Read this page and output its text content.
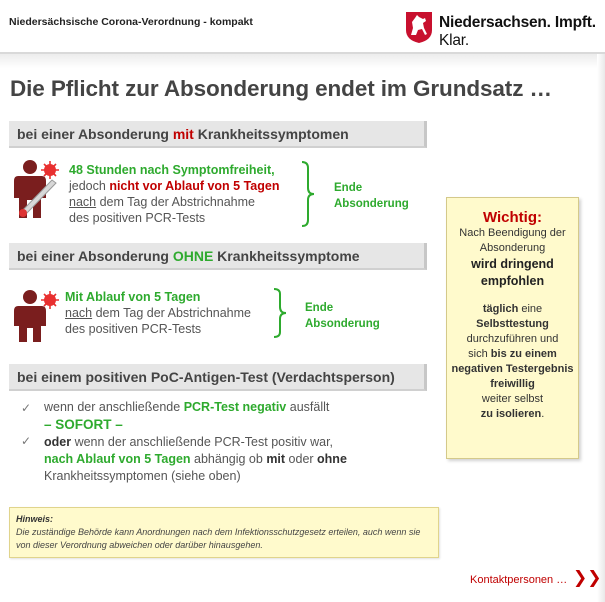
Niedersächsische Corona-Verordnung - kompakt	Niedersachsen. Impft. Klar.
Die Pflicht zur Absonderung endet im Grundsatz …
bei einer Absonderung mit Krankheitssymptomen
48 Stunden nach Symptomfreiheit,
jedoch nicht vor Ablauf von 5 Tagen
nach dem Tag der Abstrichnahme
des positiven PCR-Tests
Ende
Absonderung
bei einer Absonderung OHNE Krankheitssymptome
Mit Ablauf von 5 Tagen
nach dem Tag der Abstrichnahme
des positiven PCR-Tests
Ende
Absonderung
bei einem positiven PoC-Antigen-Test (Verdachtsperson)
✓ wenn der anschließende PCR-Test negativ ausfällt
– SOFORT –
✓ oder wenn der anschließende PCR-Test positiv war,
nach Ablauf von 5 Tagen abhängig ob mit oder ohne
Krankheitssymptomen (siehe oben)
Wichtig:
Nach Beendigung der
Absonderung
wird dringend
empfohlen
täglich eine
Selbsttestung
durchzuführen und
sich bis zu einem
negativen Testergebnis
freiwillig
weiter selbst
zu isolieren.
Hinweis:
Die zuständige Behörde kann Anordnungen nach dem Infektionsschutzgesetz erteilen, auch wenn sie von dieser Verordnung abweichen oder darüber hinausgehen.
Kontaktpersonen … ❯❯
